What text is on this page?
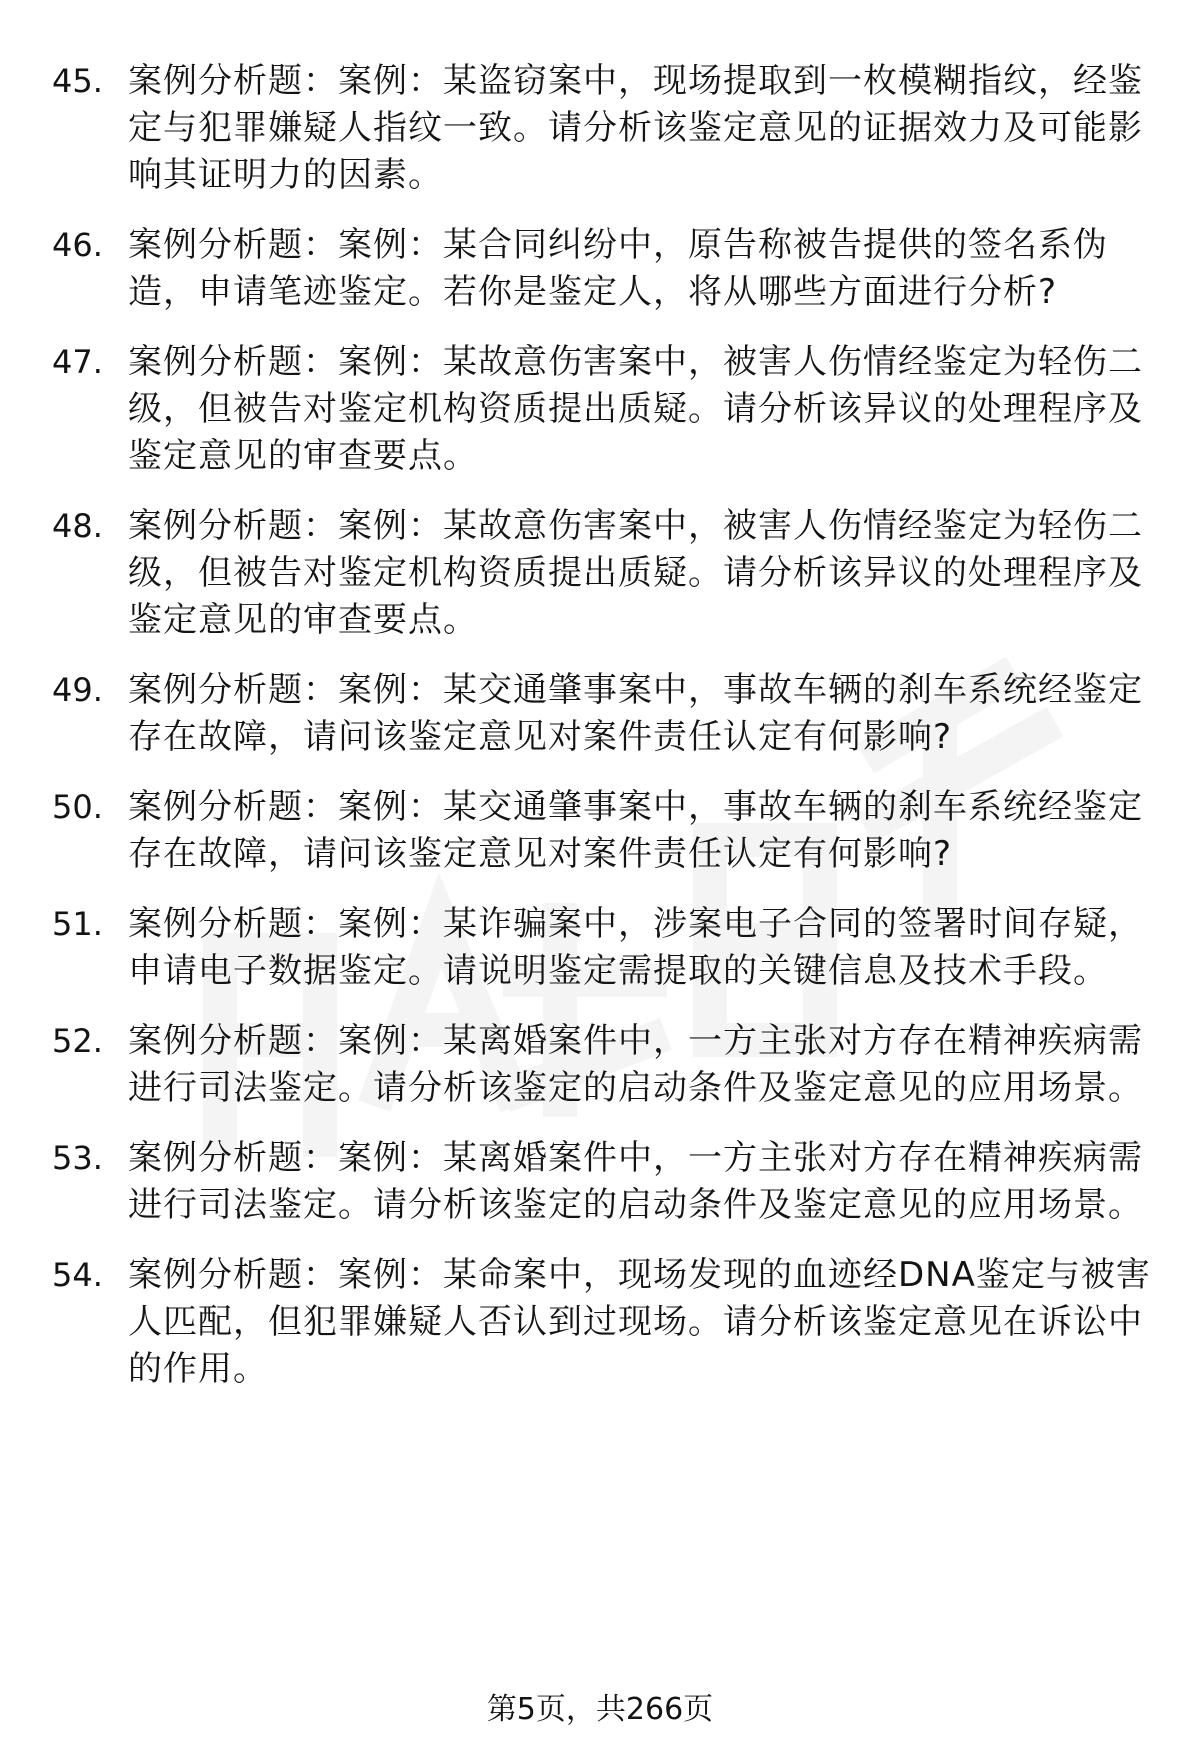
45. 案例分析题：案例：某盗窃案中，现场提取到一枚模糊指纹，经鉴定与犯罪嫌疑人指纹一致。请分析该鉴定意见的证据效力及可能影响其证明力的因素。
46. 案例分析题：案例：某合同纠纷中，原告称被告提供的签名系伪造，申请笔迹鉴定。若你是鉴定人，将从哪些方面进行分析?
47. 案例分析题：案例：某故意伤害案中，被害人伤情经鉴定为轻伤二级，但被告对鉴定机构资质提出质疑。请分析该异议的处理程序及鉴定意见的审查要点。
48. 案例分析题：案例：某故意伤害案中，被害人伤情经鉴定为轻伤二级，但被告对鉴定机构资质提出质疑。请分析该异议的处理程序及鉴定意见的审查要点。
49. 案例分析题：案例：某交通肇事案中，事故车辆的刹车系统经鉴定存在故障，请问该鉴定意见对案件责任认定有何影响?
50. 案例分析题：案例：某交通肇事案中，事故车辆的刹车系统经鉴定存在故障，请问该鉴定意见对案件责任认定有何影响?
51. 案例分析题：案例：某诈骗案中，涉案电子合同的签署时间存疑，申请电子数据鉴定。请说明鉴定需提取的关键信息及技术手段。
52. 案例分析题：案例：某离婚案件中，一方主张对方存在精神疾病需进行司法鉴定。请分析该鉴定的启动条件及鉴定意见的应用场景。
53. 案例分析题：案例：某离婚案件中，一方主张对方存在精神疾病需进行司法鉴定。请分析该鉴定的启动条件及鉴定意见的应用场景。
54. 案例分析题：案例：某命案中，现场发现的血迹经DNA鉴定与被害人匹配，但犯罪嫌疑人否认到过现场。请分析该鉴定意见在诉讼中的作用。
第5页，共266页
